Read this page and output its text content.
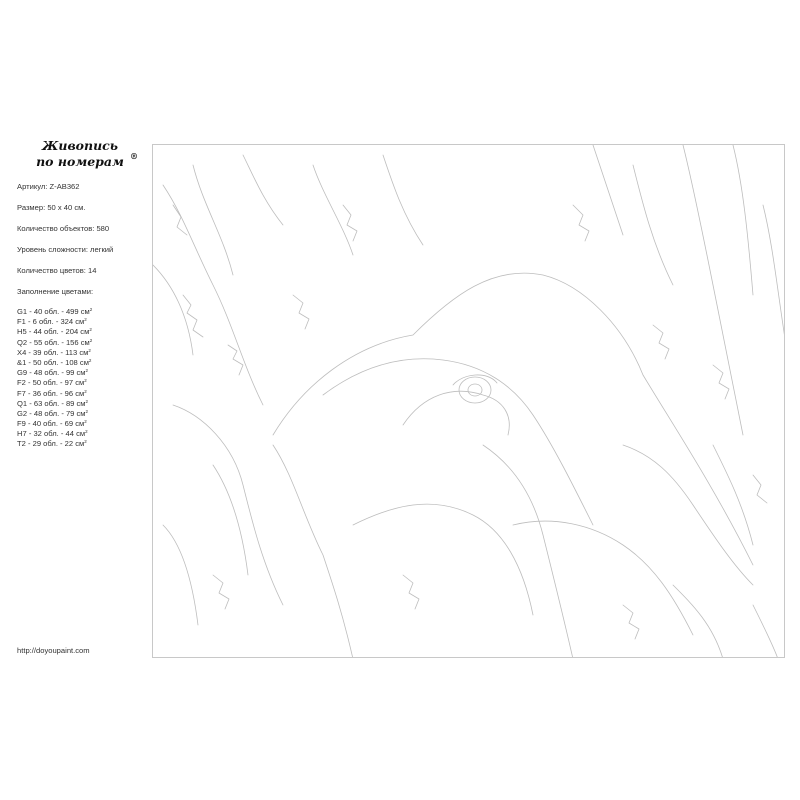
Живопись
по номерам ®
Артикул: Z-AB362
Размер: 50 х 40 см.
Количество объектов: 580
Уровень сложности: легкий
Количество цветов: 14
Заполнение цветами:
G1 - 40 обл. - 499 $см^2$
F1 - 6 обл. - 324 $см^2$
H5 - 44 обл. - 204 $см^2$
Q2 - 55 обл. - 156 $см^2$
X4 - 39 обл. - 113 $см^2$
&1 - 50 обл. - 108 $см^2$
G9 - 48 обл. - 99 $см^2$
F2 - 50 обл. - 97 $см^2$
F7 - 36 обл. - 96 $см^2$
Q1 - 63 обл. - 89 $см^2$
G2 - 48 обл. - 79 $см^2$
F9 - 40 обл. - 69 $см^2$
H7 - 32 обл. - 44 $см^2$
T2 - 29 обл. - 22 $см^2$
http://doyoupaint.com
